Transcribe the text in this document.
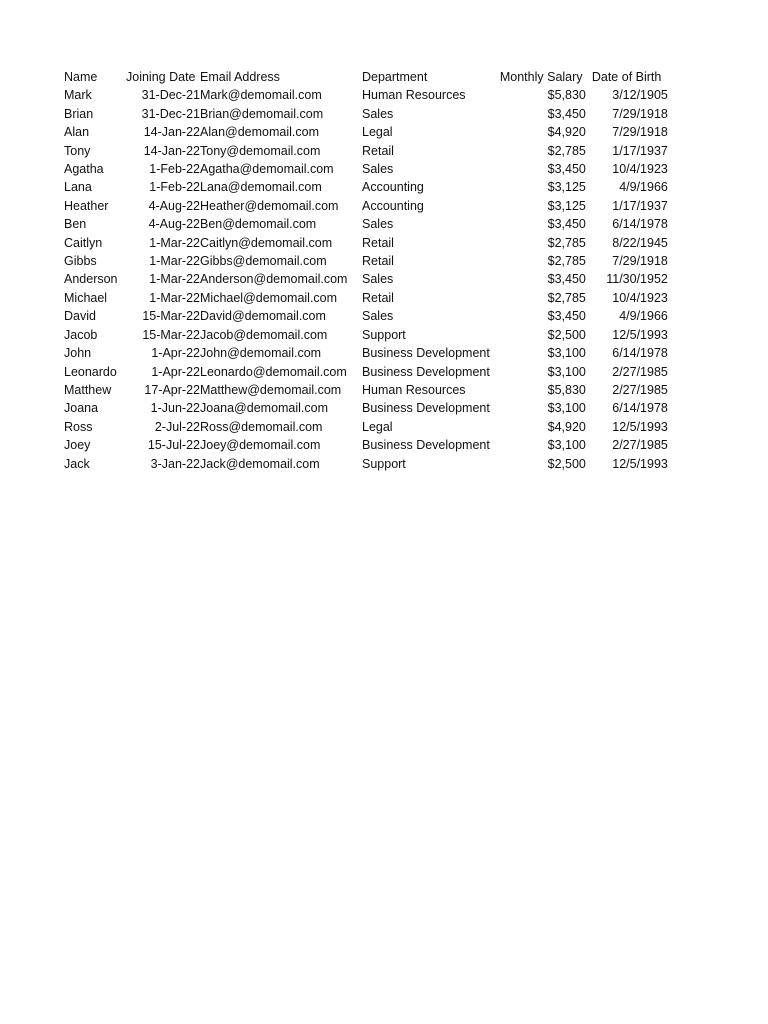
Name	Joining Date	Email Address	Department	Monthly Salary	Date of Birth
Mark	31-Dec-21	Mark@demomail.com	Human Resources	$5,830	3/12/1905
Brian	31-Dec-21	Brian@demomail.com	Sales	$3,450	7/29/1918
Alan	14-Jan-22	Alan@demomail.com	Legal	$4,920	7/29/1918
Tony	14-Jan-22	Tony@demomail.com	Retail	$2,785	1/17/1937
Agatha	1-Feb-22	Agatha@demomail.com	Sales	$3,450	10/4/1923
Lana	1-Feb-22	Lana@demomail.com	Accounting	$3,125	4/9/1966
Heather	4-Aug-22	Heather@demomail.com	Accounting	$3,125	1/17/1937
Ben	4-Aug-22	Ben@demomail.com	Sales	$3,450	6/14/1978
Caitlyn	1-Mar-22	Caitlyn@demomail.com	Retail	$2,785	8/22/1945
Gibbs	1-Mar-22	Gibbs@demomail.com	Retail	$2,785	7/29/1918
Anderson	1-Mar-22	Anderson@demomail.com	Sales	$3,450	11/30/1952
Michael	1-Mar-22	Michael@demomail.com	Retail	$2,785	10/4/1923
David	15-Mar-22	David@demomail.com	Sales	$3,450	4/9/1966
Jacob	15-Mar-22	Jacob@demomail.com	Support	$2,500	12/5/1993
John	1-Apr-22	John@demomail.com	Business Development	$3,100	6/14/1978
Leonardo	1-Apr-22	Leonardo@demomail.com	Business Development	$3,100	2/27/1985
Matthew	17-Apr-22	Matthew@demomail.com	Human Resources	$5,830	2/27/1985
Joana	1-Jun-22	Joana@demomail.com	Business Development	$3,100	6/14/1978
Ross	2-Jul-22	Ross@demomail.com	Legal	$4,920	12/5/1993
Joey	15-Jul-22	Joey@demomail.com	Business Development	$3,100	2/27/1985
Jack	3-Jan-22	Jack@demomail.com	Support	$2,500	12/5/1993
